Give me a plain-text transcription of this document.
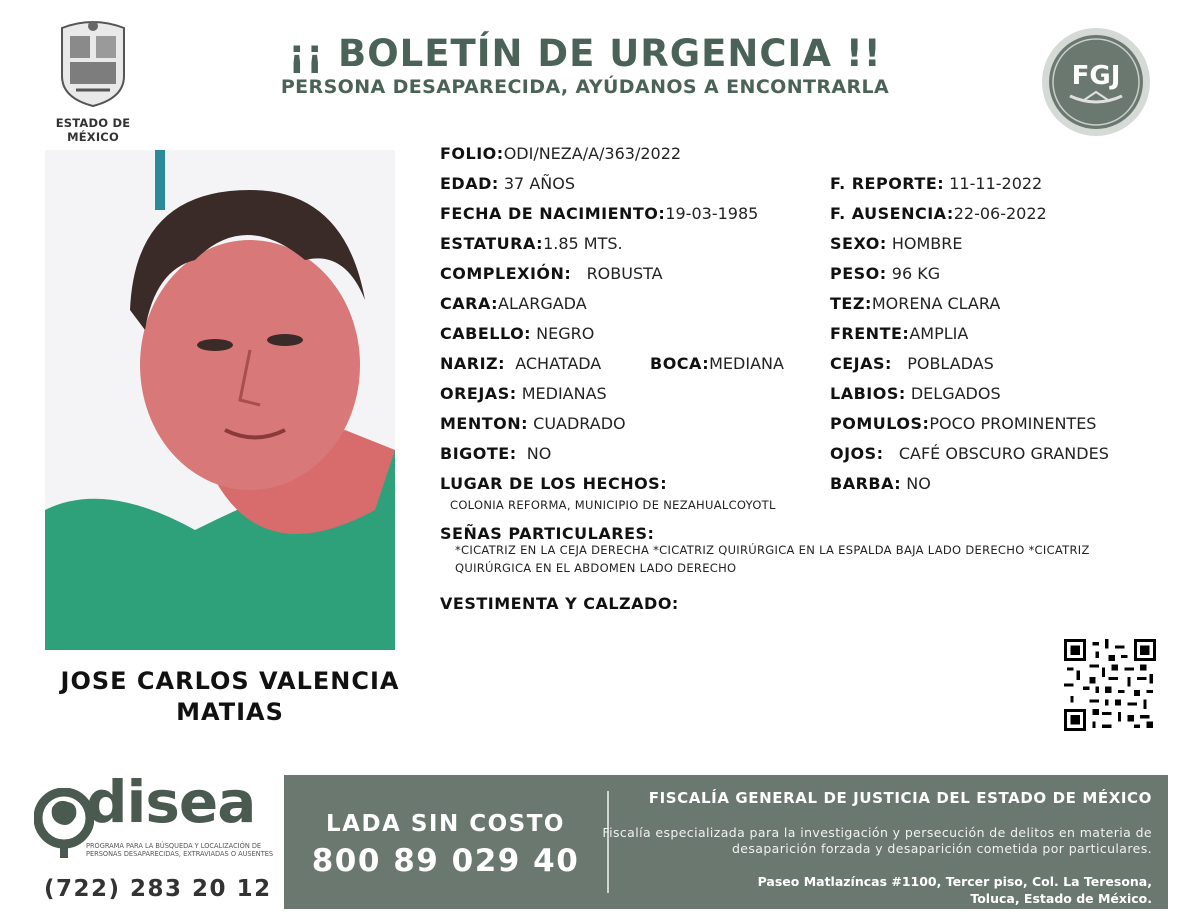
ESTADO DE MÉXICO
¡¡ BOLETÍN DE URGENCIA !!
PERSONA DESAPARECIDA, AYÚDANOS A ENCONTRARLA	FGJ
JOSE CARLOS VALENCIA
MATIAS
FOLIO:ODI/NEZA/A/363/2022
EDAD: 37 AÑOS
FECHA DE NACIMIENTO:19-03-1985
ESTATURA:1.85 MTS.
COMPLEXIÓN: ROBUSTA
CARA:ALARGADA
CABELLO: NEGRO
NARIZ: ACHATADA	BOCA:MEDIANA
OREJAS: MEDIANAS
MENTON: CUADRADO
BIGOTE: NO
LUGAR DE LOS HECHOS:
COLONIA REFORMA, MUNICIPIO DE NEZAHUALCOYOTL
F. REPORTE: 11-11-2022
F. AUSENCIA:22-06-2022
SEXO: HOMBRE
PESO: 96 KG
TEZ:MORENA CLARA
FRENTE:AMPLIA
CEJAS: POBLADAS
LABIOS: DELGADOS
POMULOS:POCO PROMINENTES
OJOS: CAFÉ OBSCURO GRANDES
BARBA: NO
SEÑAS PARTICULARES:
*CICATRIZ EN LA CEJA DERECHA *CICATRIZ QUIRÚRGICA EN LA ESPALDA BAJA LADO DERECHO *CICATRIZ
QUIRÚRGICA EN EL ABDOMEN LADO DERECHO
VESTIMENTA Y CALZADO:
disea
PROGRAMA PARA LA BÚSQUEDA Y LOCALIZACIÓN DE PERSONAS DESAPARECIDAS, EXTRAVIADAS O AUSENTES
(722) 283 20 12
LADA SIN COSTO
800 89 029 40
FISCALÍA GENERAL DE JUSTICIA DEL ESTADO DE MÉXICO
Fiscalía especializada para la investigación y persecución de delitos en materia de desaparición forzada y desaparición cometida por particulares.
Paseo Matlazíncas #1100, Tercer piso, Col. La Teresona,
Toluca, Estado de México.
